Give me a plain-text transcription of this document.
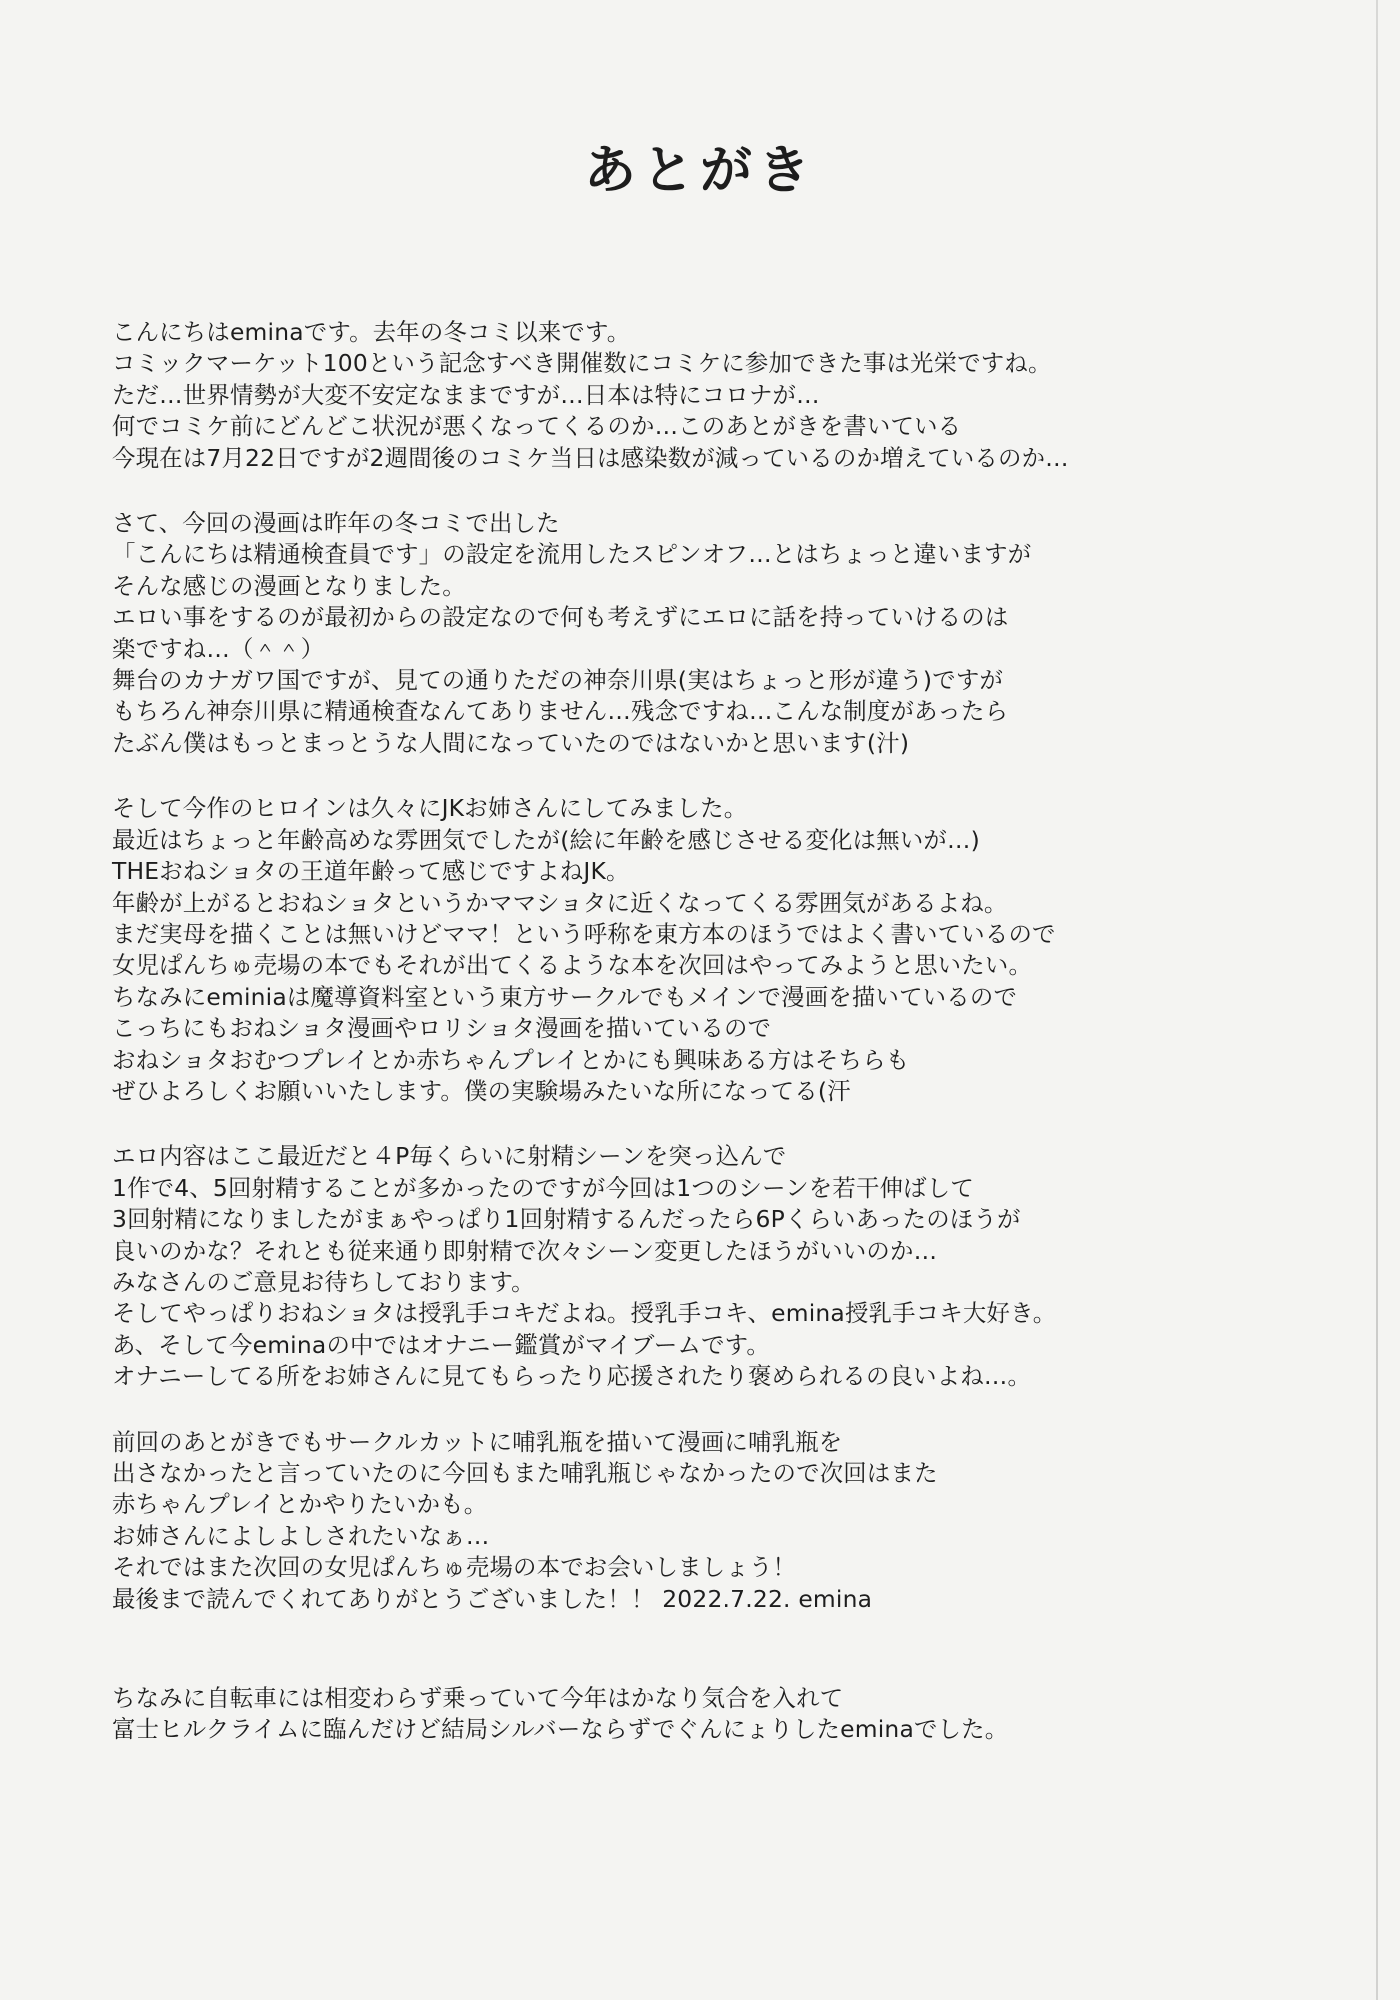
あとがき

こんにちはeminaです。去年の冬コミ以来です。
コミックマーケット100という記念すべき開催数にコミケに参加できた事は光栄ですね。
ただ…世界情勢が大変不安定なままですが…日本は特にコロナが…
何でコミケ前にどんどこ状況が悪くなってくるのか…このあとがきを書いている
今現在は7月22日ですが2週間後のコミケ当日は感染数が減っているのか増えているのか…

さて、今回の漫画は昨年の冬コミで出した
「こんにちは精通検査員です」の設定を流用したスピンオフ…とはちょっと違いますが
そんな感じの漫画となりました。
エロい事をするのが最初からの設定なので何も考えずにエロに話を持っていけるのは
楽ですね…（＾＾）
舞台のカナガワ国ですが、見ての通りただの神奈川県(実はちょっと形が違う)ですが
もちろん神奈川県に精通検査なんてありません…残念ですね…こんな制度があったら
たぶん僕はもっとまっとうな人間になっていたのではないかと思います(汁)

そして今作のヒロインは久々にJKお姉さんにしてみました。
最近はちょっと年齢高めな雰囲気でしたが(絵に年齢を感じさせる変化は無いが…)
THEおねショタの王道年齢って感じですよねJK。
年齢が上がるとおねショタというかママショタに近くなってくる雰囲気があるよね。
まだ実母を描くことは無いけどママ！という呼称を東方本のほうではよく書いているので
女児ぱんちゅ売場の本でもそれが出てくるような本を次回はやってみようと思いたい。
ちなみにeminiaは魔導資料室という東方サークルでもメインで漫画を描いているので
こっちにもおねショタ漫画やロリショタ漫画を描いているので
おねショタおむつプレイとか赤ちゃんプレイとかにも興味ある方はそちらも
ぜひよろしくお願いいたします。僕の実験場みたいな所になってる(汗

エロ内容はここ最近だと４P毎くらいに射精シーンを突っ込んで
1作で4、5回射精することが多かったのですが今回は1つのシーンを若干伸ばして
3回射精になりましたがまぁやっぱり1回射精するんだったら6Pくらいあったのほうが
良いのかな？それとも従来通り即射精で次々シーン変更したほうがいいのか…
みなさんのご意見お待ちしております。
そしてやっぱりおねショタは授乳手コキだよね。授乳手コキ、emina授乳手コキ大好き。
あ、そして今eminaの中ではオナニー鑑賞がマイブームです。
オナニーしてる所をお姉さんに見てもらったり応援されたり褒められるの良いよね…。

前回のあとがきでもサークルカットに哺乳瓶を描いて漫画に哺乳瓶を
出さなかったと言っていたのに今回もまた哺乳瓶じゃなかったので次回はまた
赤ちゃんプレイとかやりたいかも。
お姉さんによしよしされたいなぁ…
それではまた次回の女児ぱんちゅ売場の本でお会いしましょう！
最後まで読んでくれてありがとうございました！！ 2022.7.22. emina

ちなみに自転車には相変わらず乗っていて今年はかなり気合を入れて
富士ヒルクライムに臨んだけど結局シルバーならずでぐんにょりしたeminaでした。
